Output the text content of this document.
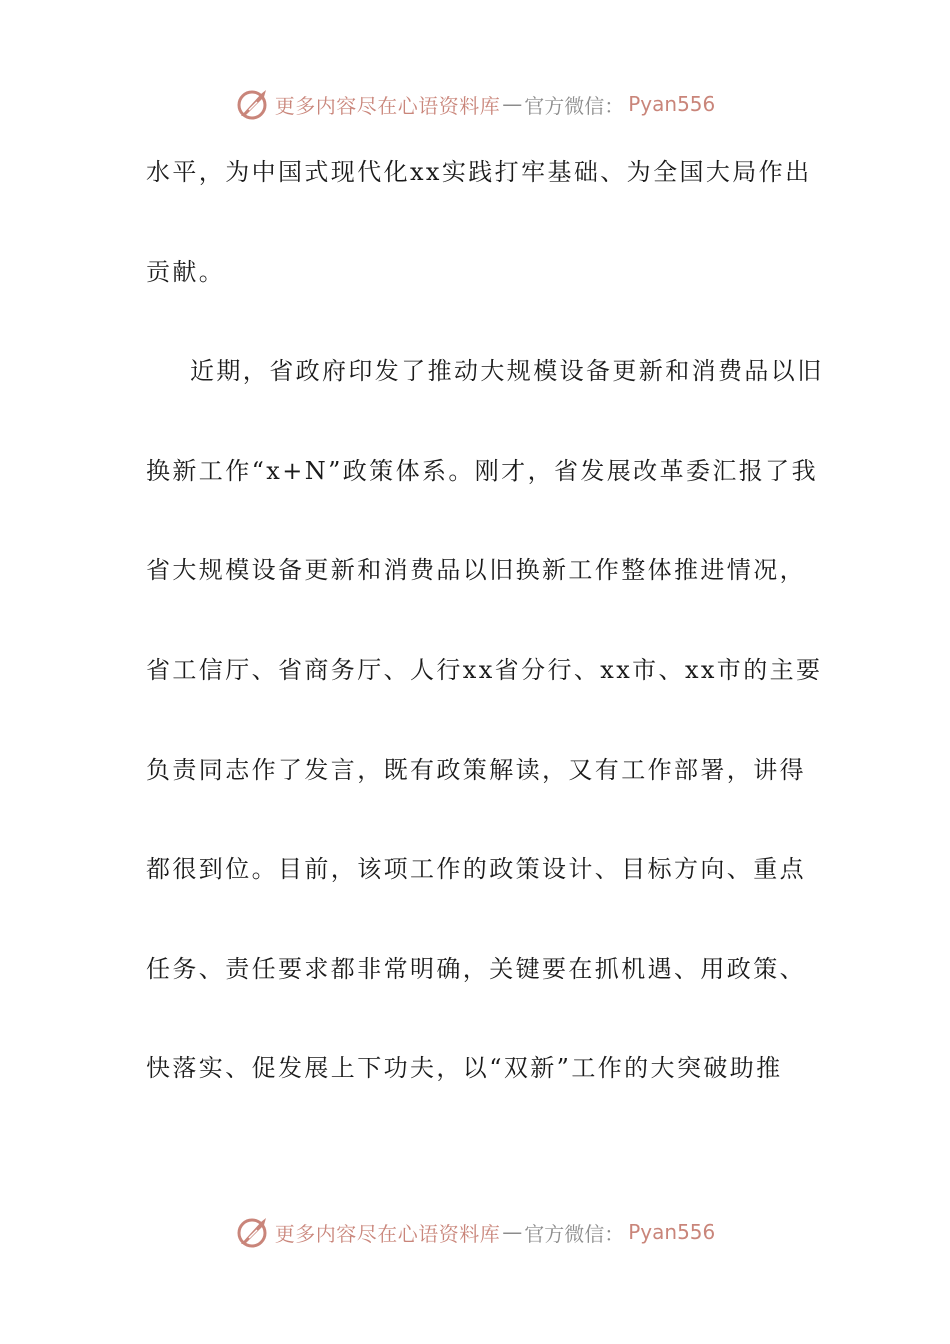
更多内容尽在心语资料库 — 官方微信： Pyan556
水平，为中国式现代化xx实践打牢基础、为全国大局作出
贡献。
近期，省政府印发了推动大规模设备更新和消费品以旧
换新工作“x+N”政策体系。刚才，省发展改革委汇报了我
省大规模设备更新和消费品以旧换新工作整体推进情况，
省工信厅、省商务厅、人行xx省分行、xx市、xx市的主要
负责同志作了发言，既有政策解读，又有工作部署，讲得
都很到位。目前，该项工作的政策设计、目标方向、重点
任务、责任要求都非常明确，关键要在抓机遇、用政策、
快落实、促发展上下功夫，以“双新”工作的大突破助推
更多内容尽在心语资料库 — 官方微信： Pyan556
